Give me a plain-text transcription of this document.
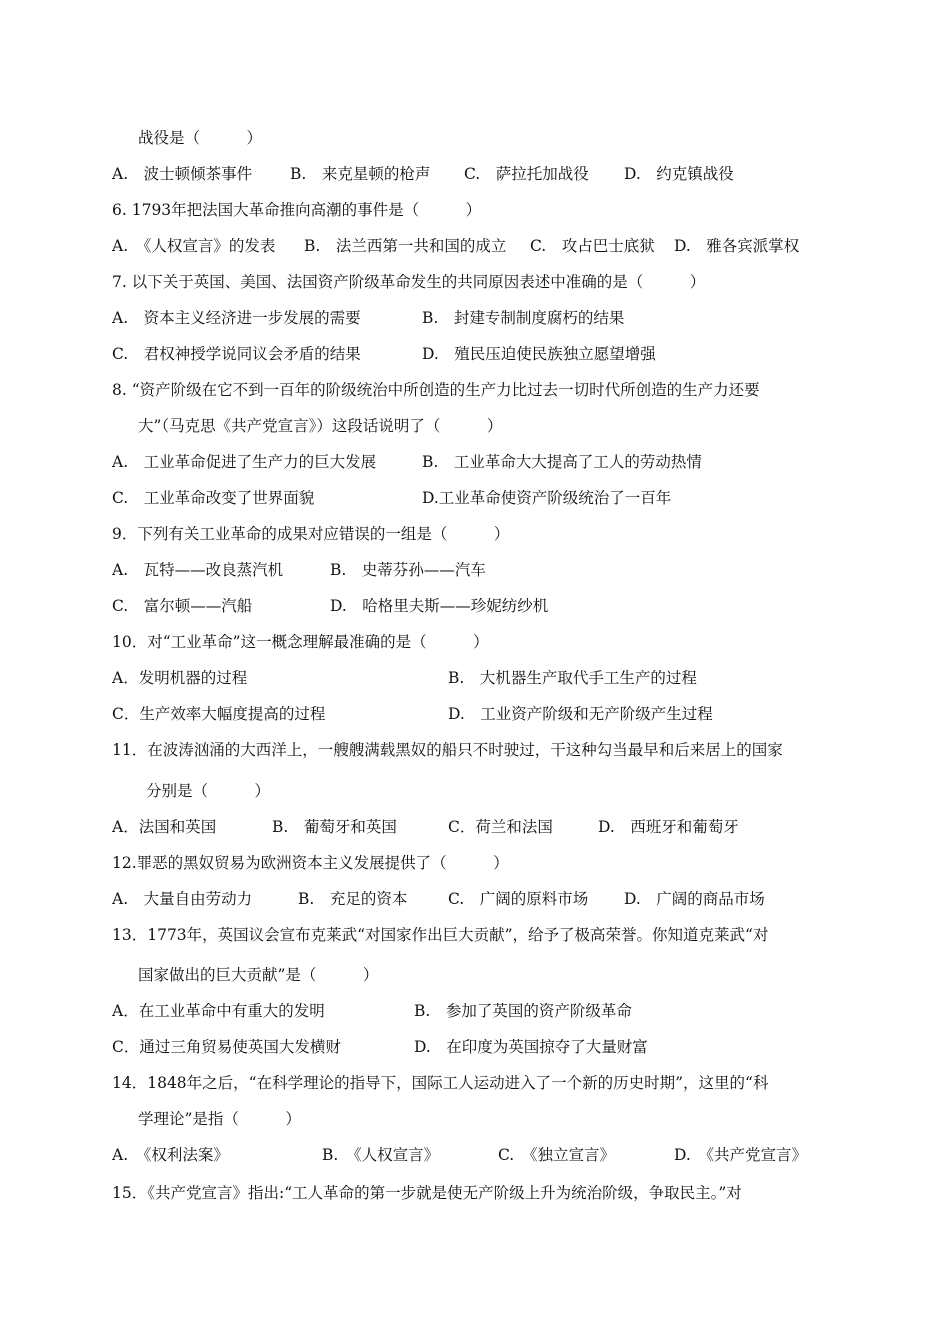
战役是（　　　）
A.　波士顿倾茶事件 B.　来克星顿的枪声 C.　萨拉托加战役 D.　约克镇战役
6. 1793年把法国大革命推向高潮的事件是（　　　）
A.　《人权宣言》的发表 B.　法兰西第一共和国的成立 C.　攻占巴士底狱 D.　雅各宾派掌权
7. 以下关于英国、美国、法国资产阶级革命发生的共同原因表述中准确的是（　　　）
A.　资本主义经济进一步发展的需要	B.　封建专制制度腐朽的结果
C.　君权神授学说同议会矛盾的结果	D.　殖民压迫使民族独立愿望增强
8. “资产阶级在它不到一百年的阶级统治中所创造的生产力比过去一切时代所创造的生产力还要
大”（马克思《共产党宣言》）这段话说明了（　　　）
A.　工业革命促进了生产力的巨大发展	B.　工业革命大大提高了工人的劳动热情
C.　工业革命改变了世界面貌	D.工业革命使资产阶级统治了一百年
9．下列有关工业革命的成果对应错误的一组是（　　　）
A.　瓦特——改良蒸汽机	B.　史蒂芬孙——汽车
C.　富尔顿——汽船	D.　哈格里夫斯——珍妮纺纱机
10．对“工业革命”这一概念理解最准确的是（　　　）
A．发明机器的过程	B.　大机器生产取代手工生产的过程
C．生产效率大幅度提高的过程	D.　工业资产阶级和无产阶级产生过程
11．在波涛汹涌的大西洋上，一艘艘满载黑奴的船只不时驶过，干这种勾当最早和后来居上的国家
分别是（　　　）
A．法国和英国	B.　葡萄牙和英国	C．荷兰和法国	D.　西班牙和葡萄牙
12.罪恶的黑奴贸易为欧洲资本主义发展提供了（　　　）
A.　大量自由劳动力	B.　充足的资本	C.　广阔的原料市场 D.　广阔的商品市场
13．1773年，英国议会宣布克莱武“对国家作出巨大贡献”，给予了极高荣誉。你知道克莱武“对
国家做出的巨大贡献”是（　　　）
A．在工业革命中有重大的发明	B.　参加了英国的资产阶级革命
C．通过三角贸易使英国大发横财	D.　在印度为英国掠夺了大量财富
14．1848年之后，“在科学理论的指导下，国际工人运动进入了一个新的历史时期”，这里的“科
学理论”是指（　　　）
A.　《权利法案》	B.　《人权宣言》	C.　《独立宣言》	D.　《共产党宣言》
15．《共产党宣言》指出:“工人革命的第一步就是使无产阶级上升为统治阶级，争取民主。”对
